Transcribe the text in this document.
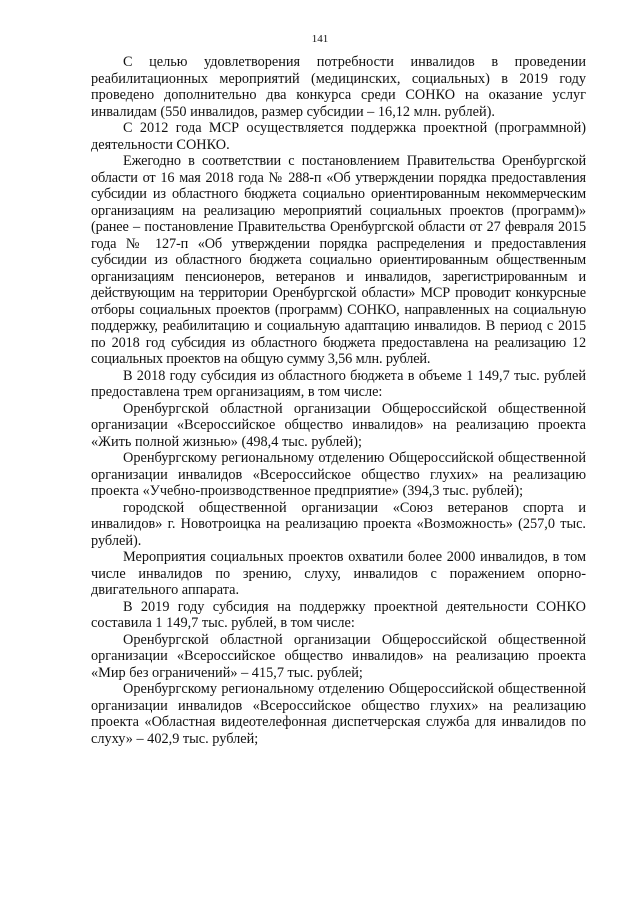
141

С целью удовлетворения потребности инвалидов в проведении реабилитационных мероприятий (медицинских, социальных) в 2019 году проведено дополнительно два конкурса среди СОНКО на оказание услуг инвалидам (550 инвалидов, размер субсидии – 16,12 млн. рублей).

С 2012 года МСР осуществляется поддержка проектной (программной) деятельности СОНКО.

Ежегодно в соответствии с постановлением Правительства Оренбургской области от 16 мая 2018 года № 288-п «Об утверждении порядка предоставления субсидии из областного бюджета социально ориентированным некоммерческим организациям на реализацию мероприятий социальных проектов (программ)» (ранее – постановление Правительства Оренбургской области от 27 февраля 2015 года № 127-п «Об утверждении порядка распределения и предоставления субсидии из областного бюджета социально ориентированным общественным организациям пенсионеров, ветеранов и инвалидов, зарегистрированным и действующим на территории Оренбургской области» МСР проводит конкурсные отборы социальных проектов (программ) СОНКО, направленных на социальную поддержку, реабилитацию и социальную адаптацию инвалидов. В период с 2015 по 2018 год субсидия из областного бюджета предоставлена на реализацию 12 социальных проектов на общую сумму 3,56 млн. рублей.

В 2018 году субсидия из областного бюджета в объеме 1 149,7 тыс. рублей предоставлена трем организациям, в том числе:

Оренбургской областной организации Общероссийской общественной организации «Всероссийское общество инвалидов» на реализацию проекта «Жить полной жизнью» (498,4 тыс. рублей);

Оренбургскому региональному отделению Общероссийской общественной организации инвалидов «Всероссийское общество глухих» на реализацию проекта «Учебно-производственное предприятие» (394,3 тыс. рублей);

городской общественной организации «Союз ветеранов спорта и инвалидов» г. Новотроицка на реализацию проекта «Возможность» (257,0 тыс. рублей).

Мероприятия социальных проектов охватили более 2000 инвалидов, в том числе инвалидов по зрению, слуху, инвалидов с поражением опорно-двигательного аппарата.

В 2019 году субсидия на поддержку проектной деятельности СОНКО составила 1 149,7 тыс. рублей, в том числе:

Оренбургской областной организации Общероссийской общественной организации «Всероссийское общество инвалидов» на реализацию проекта «Мир без ограничений» – 415,7 тыс. рублей;

Оренбургскому региональному отделению Общероссийской общественной организации инвалидов «Всероссийское общество глухих» на реализацию проекта «Областная видеотелефонная диспетчерская служба для инвалидов по слуху» – 402,9 тыс. рублей;
